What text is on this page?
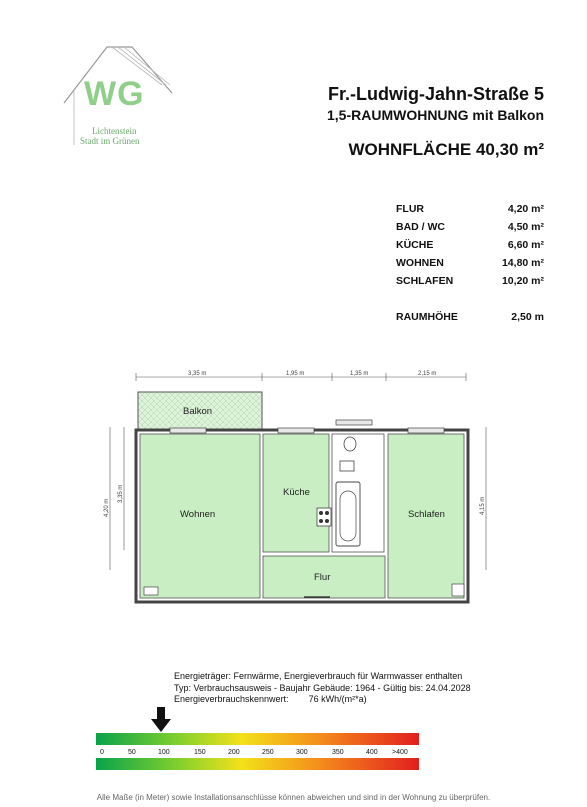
WG
Lichtenstein
Stadt im Grünen
Fr.-Ludwig-Jahn-Straße 5
1,5-RAUMWOHNUNG mit Balkon
WOHNFLÄCHE 40,30 m²
FLUR	4,20 m²
BAD / WC	4,50 m²
KÜCHE	6,60 m²
WOHNEN	14,80 m²
SCHLAFEN	10,20 m²
RAUMHÖHE	2,50 m
3,35 m	1,95 m	1,35 m	2,15 m
4,20 m
3,35 m
4,15 m
Balkon
Wohnen
Küche
Schlafen
Flur
Energieträger: Fernwärme, Energieverbrauch für Warmwasser enthalten
Typ: Verbrauchsausweis - Baujahr Gebäude: 1964 - Gültig bis: 24.04.2028
Energieverbrauchskennwert: 76 kWh/(m²*a)
0	50	100	150	200	250	300	350	400 >400
Alle Maße (in Meter) sowie Installationsanschlüsse können abweichen und sind in der Wohnung zu überprüfen.
